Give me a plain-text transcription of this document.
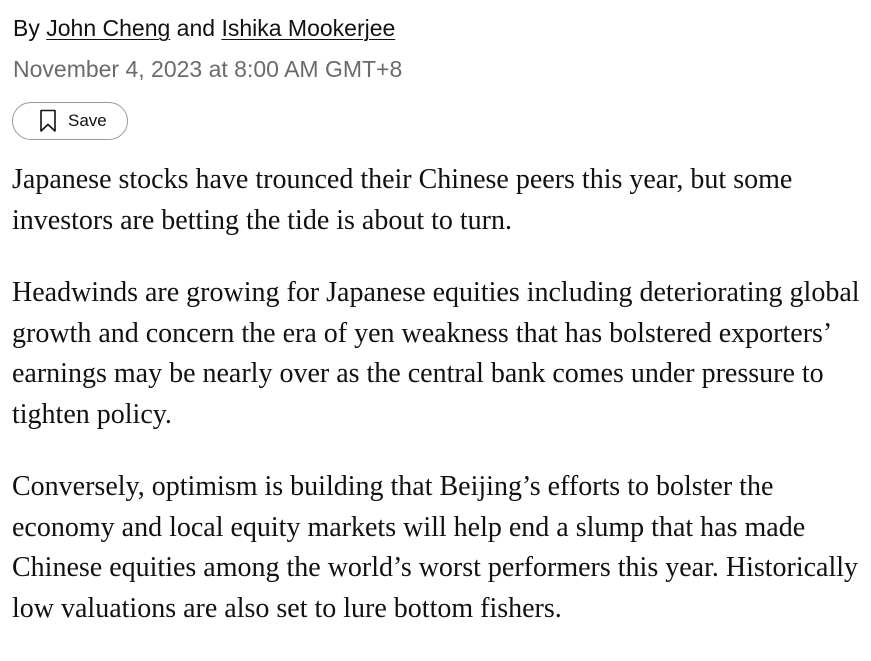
By John Cheng and Ishika Mookerjee
November 4, 2023 at 8:00 AM GMT+8
Save

Japanese stocks have trounced their Chinese peers this year, but some investors are betting the tide is about to turn.

Headwinds are growing for Japanese equities including deteriorating global growth and concern the era of yen weakness that has bolstered exporters’ earnings may be nearly over as the central bank comes under pressure to tighten policy.

Conversely, optimism is building that Beijing’s efforts to bolster the economy and local equity markets will help end a slump that has made Chinese equities among the world’s worst performers this year. Historically low valuations are also set to lure bottom fishers.
